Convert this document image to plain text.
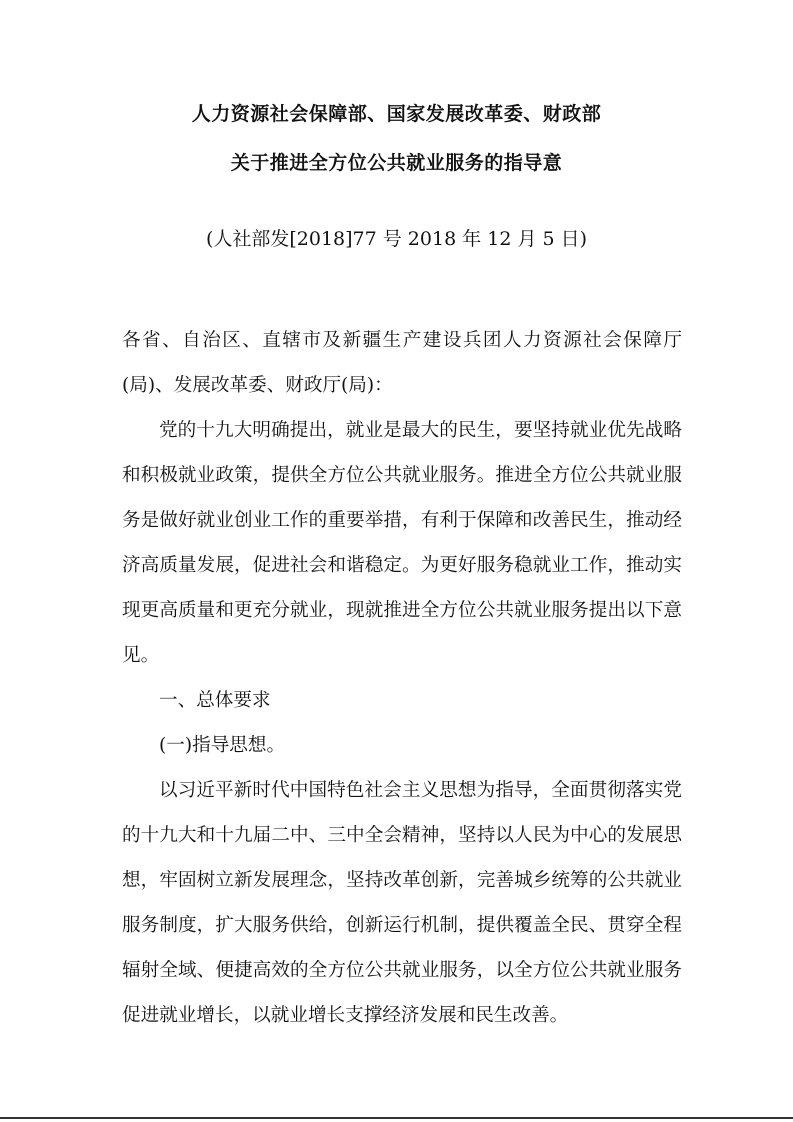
人力资源社会保障部、国家发展改革委、财政部
关于推进全方位公共就业服务的指导意
(人社部发[2018]77 号 2018 年 12 月 5 日)

各省、自治区、直辖市及新疆生产建设兵团人力资源社会保障厅(局)、发展改革委、财政厅(局)：

党的十九大明确提出，就业是最大的民生，要坚持就业优先战略和积极就业政策，提供全方位公共就业服务。推进全方位公共就业服务是做好就业创业工作的重要举措，有利于保障和改善民生，推动经济高质量发展，促进社会和谐稳定。为更好服务稳就业工作，推动实现更高质量和更充分就业，现就推进全方位公共就业服务提出以下意见。

一、总体要求

(一)指导思想。

以习近平新时代中国特色社会主义思想为指导，全面贯彻落实党的十九大和十九届二中、三中全会精神，坚持以人民为中心的发展思想，牢固树立新发展理念，坚持改革创新，完善城乡统筹的公共就业服务制度，扩大服务供给，创新运行机制，提供覆盖全民、贯穿全程辐射全域、便捷高效的全方位公共就业服务，以全方位公共就业服务促进就业增长，以就业增长支撑经济发展和民生改善。
